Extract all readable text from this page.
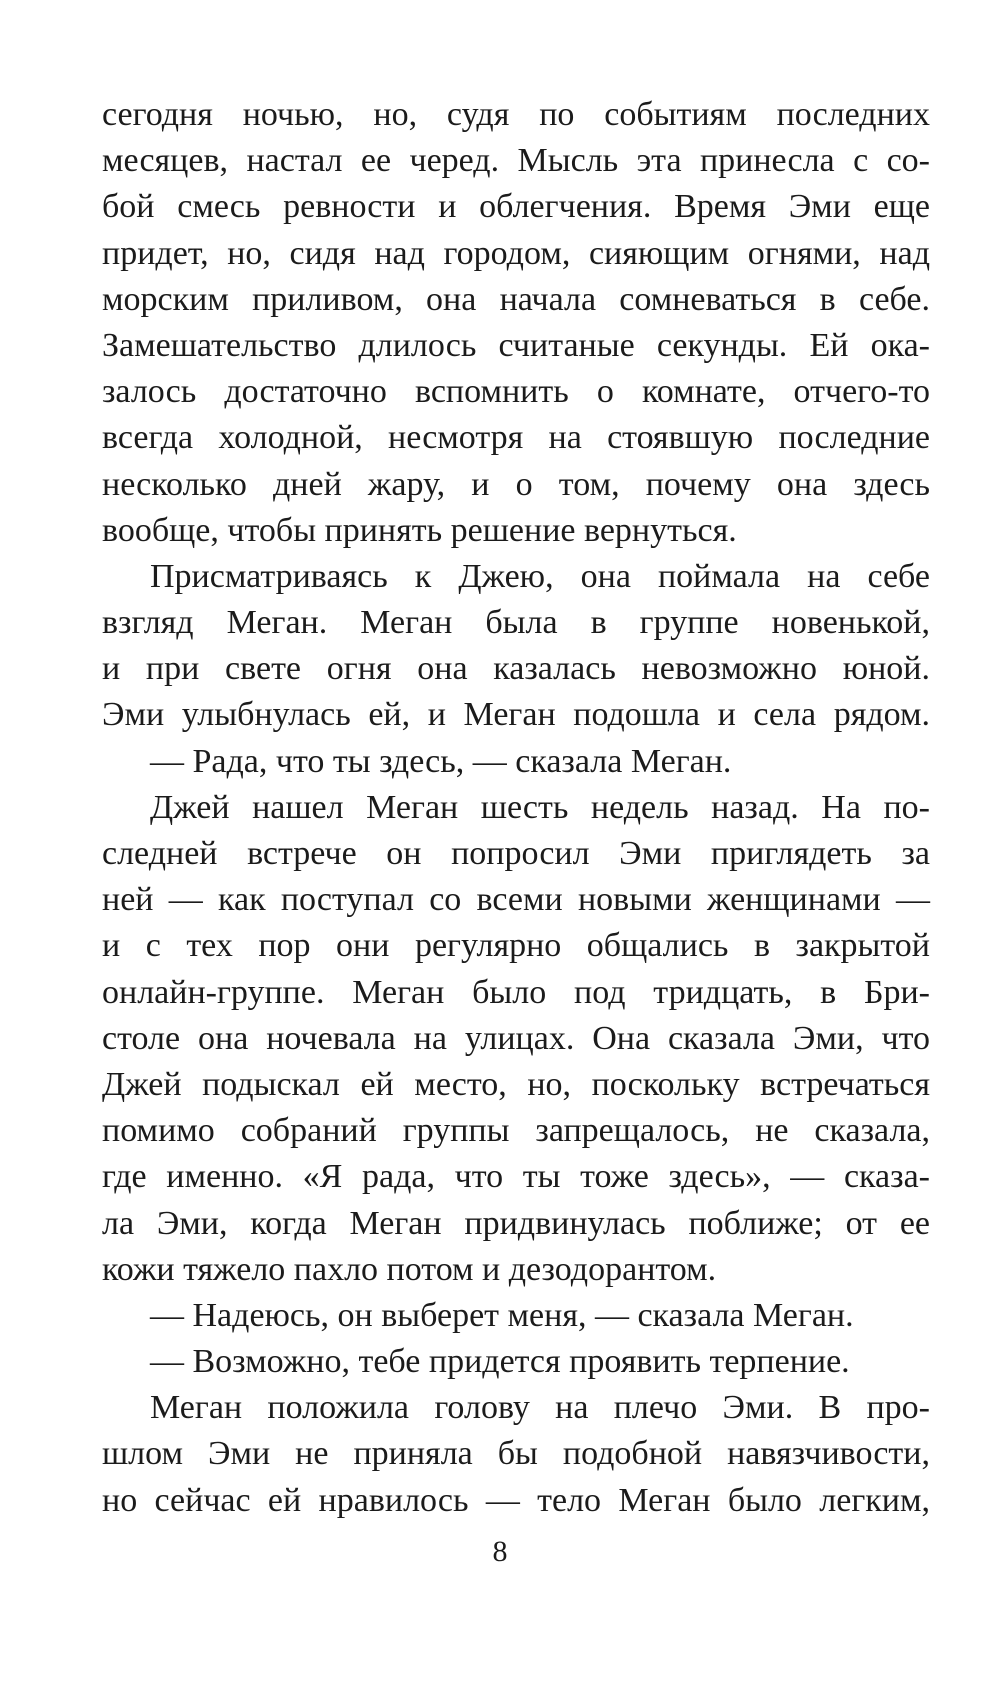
сегодня ночью, но, судя по событиям последних
месяцев, настал ее черед. Мысль эта принесла с со-
бой смесь ревности и облегчения. Время Эми еще
придет, но, сидя над городом, сияющим огнями, над
морским приливом, она начала сомневаться в себе.
Замешательство длилось считаные секунды. Ей ока-
залось достаточно вспомнить о комнате, отчего-то
всегда холодной, несмотря на стоявшую последние
несколько дней жару, и о том, почему она здесь
вообще, чтобы принять решение вернуться.
Присматриваясь к Джею, она поймала на себе
взгляд Меган. Меган была в группе новенькой,
и при свете огня она казалась невозможно юной.
Эми улыбнулась ей, и Меган подошла и села рядом.
— Рада, что ты здесь, — сказала Меган.
Джей нашел Меган шесть недель назад. На по-
следней встрече он попросил Эми приглядеть за
ней — как поступал со всеми новыми женщинами —
и с тех пор они регулярно общались в закрытой
онлайн-группе. Меган было под тридцать, в Бри-
столе она ночевала на улицах. Она сказала Эми, что
Джей подыскал ей место, но, поскольку встречаться
помимо собраний группы запрещалось, не сказала,
где именно. «Я рада, что ты тоже здесь», — сказа-
ла Эми, когда Меган придвинулась поближе; от ее
кожи тяжело пахло потом и дезодорантом.
— Надеюсь, он выберет меня, — сказала Меган.
— Возможно, тебе придется проявить терпение.
Меган положила голову на плечо Эми. В про-
шлом Эми не приняла бы подобной навязчивости,
но сейчас ей нравилось — тело Меган было легким,
8
